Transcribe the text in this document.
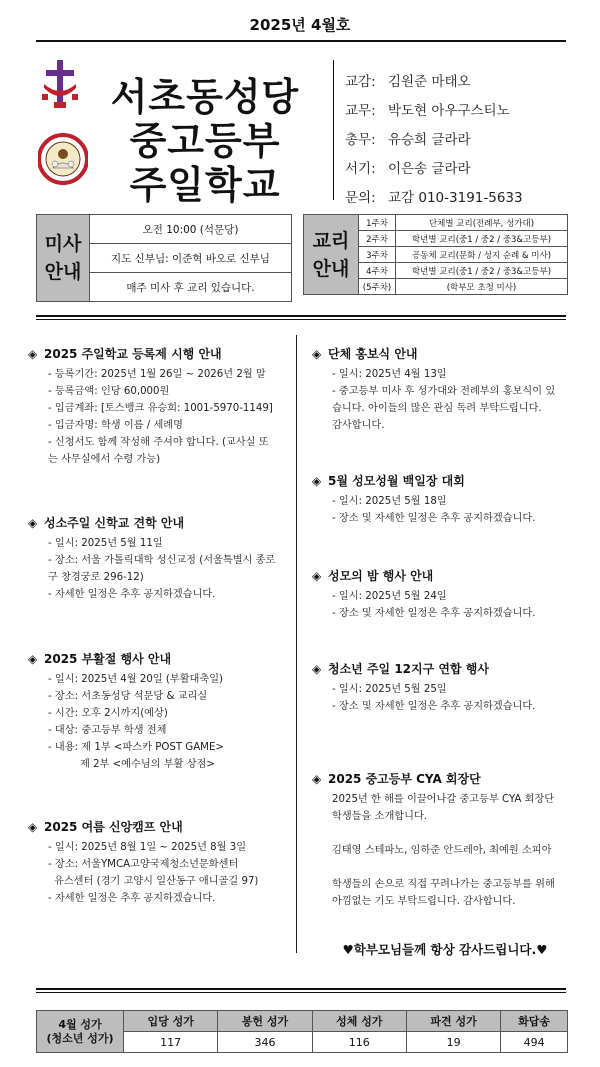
2025년 4월호
서초동성당
중고등부
주일학교
교감: 김원준 마태오
교무: 박도현 아우구스티노
총무: 유승희 글라라
서기: 이은송 글라라
문의: 교감 010-3191-5633
미사
안내	오전 10:00 (석문당)
지도 신부님: 이준혁 바오로 신부님
매주 미사 후 교리 있습니다.
교리
안내	1주차	단체별 교리(전례부, 성가대)
	2주차	학년별 교리(중1 / 중2 / 중3&고등부)
	3주차	공동체 교리(문화 / 성지 순례 & 미사)
	4주차	학년별 교리(중1 / 중2 / 중3&고등부)
	(5주차)	(학부모 초청 미사)
◈ 2025 주일학교 등록제 시행 안내
- 등록기간: 2025년 1월 26일 ~ 2026년 2월 말
- 등록금액: 인당 60,000원
- 입금계좌: [토스뱅크 유승희: 1001-5970-1149]
- 입금자명: 학생 이름 / 세례명
- 신청서도 함께 작성해 주셔야 합니다. (교사실 또
는 사무실에서 수령 가능)
◈ 성소주일 신학교 견학 안내
- 일시: 2025년 5월 11일
- 장소: 서울 가톨릭대학 성신교정 (서울특별시 종로
구 창경궁로 296-12)
- 자세한 일정은 추후 공지하겠습니다.
◈ 2025 부활절 행사 안내
- 일시: 2025년 4월 20일 (부활대축일)
- 장소: 서초동성당 석문당 & 교리실
- 시간: 오후 2시까지(예상)
- 대상: 중고등부 학생 전체
- 내용: 제 1부 <파스카 POST GAME>
제 2부 <예수님의 부활 상점>
◈ 2025 여름 신앙캠프 안내
- 일시: 2025년 8월 1일 ~ 2025년 8월 3일
- 장소: 서울YMCA고양국제청소년문화센터
유스센터 (경기 고양시 일산동구 애니골길 97)
- 자세한 일정은 추후 공지하겠습니다.
◈ 단체 홍보식 안내
- 일시: 2025년 4월 13일
- 중고등부 미사 후 성가대와 전례부의 홍보식이 있
습니다. 아이들의 많은 관심 독려 부탁드립니다.
감사합니다.
◈ 5월 성모성월 백일장 대회
- 일시: 2025년 5월 18일
- 장소 및 자세한 일정은 추후 공지하겠습니다.
◈ 성모의 밤 행사 안내
- 일시: 2025년 5월 24일
- 장소 및 자세한 일정은 추후 공지하겠습니다.
◈ 청소년 주일 12지구 연합 행사
- 일시: 2025년 5월 25일
- 장소 및 자세한 일정은 추후 공지하겠습니다.
◈ 2025 중고등부 CYA 회장단
2025년 한 해를 이끌어나갈 중고등부 CYA 회장단
학생들을 소개합니다.
김태영 스테파노, 임하준 안드레아, 최예원 소피아
학생들의 손으로 직접 꾸려나가는 중고등부를 위해
아낌없는 기도 부탁드립니다. 감사합니다.
♥학부모님들께 항상 감사드립니다.♥
4월 성가
(청소년 성가)	입당 성가	봉헌 성가	성체 성가	파견 성가	화답송
	117	346	116	19	494
